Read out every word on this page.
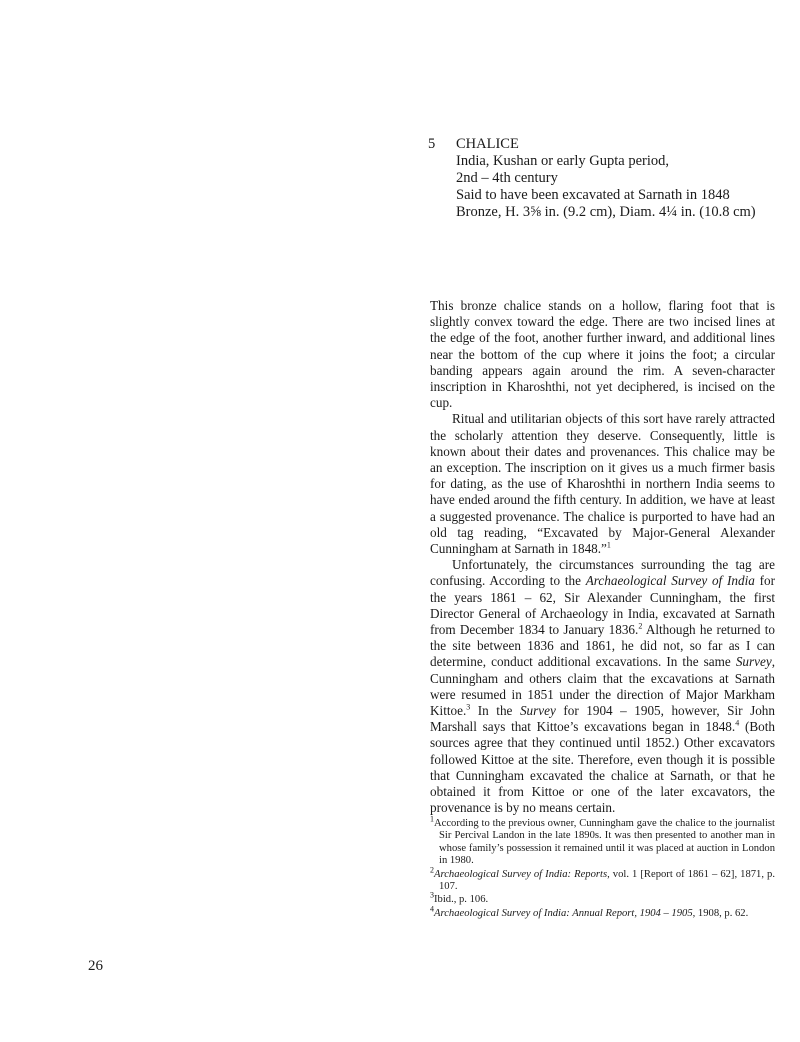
5 CHALICE
India, Kushan or early Gupta period,
2nd – 4th century
Said to have been excavated at Sarnath in 1848
Bronze, H. 3⅝ in. (9.2 cm), Diam. 4¼ in. (10.8 cm)

This bronze chalice stands on a hollow, flaring foot that is slightly convex toward the edge. There are two incised lines at the edge of the foot, another further inward, and additional lines near the bottom of the cup where it joins the foot; a circular banding appears again around the rim. A seven-character inscription in Kharoshthi, not yet deciphered, is incised on the cup.

Ritual and utilitarian objects of this sort have rarely attracted the scholarly attention they deserve. Consequently, little is known about their dates and provenances. This chalice may be an exception. The inscription on it gives us a much firmer basis for dating, as the use of Kharoshthi in northern India seems to have ended around the fifth century. In addition, we have at least a suggested provenance. The chalice is purported to have had an old tag reading, “Excavated by Major-General Alexander Cunningham at Sarnath in 1848.”$^1$

Unfortunately, the circumstances surrounding the tag are confusing. According to the Archaeological Survey of India for the years 1861 – 62, Sir Alexander Cunningham, the first Director General of Archaeology in India, excavated at Sarnath from December 1834 to January 1836.$^2$ Although he returned to the site between 1836 and 1861, he did not, so far as I can determine, conduct additional excavations. In the same Survey, Cunningham and others claim that the excavations at Sarnath were resumed in 1851 under the direction of Major Markham Kittoe.$^3$ In the Survey for 1904 – 1905, however, Sir John Marshall says that Kittoe’s excavations began in 1848.$^4$ (Both sources agree that they continued until 1852.) Other excavators followed Kittoe at the site. Therefore, even though it is possible that Cunningham excavated the chalice at Sarnath, or that he obtained it from Kittoe or one of the later excavators, the provenance is by no means certain.

$^1$According to the previous owner, Cunningham gave the chalice to the journalist Sir Percival Landon in the late 1890s. It was then presented to another man in whose family’s possession it remained until it was placed at auction in London in 1980.

$^2$Archaeological Survey of India: Reports, vol. 1 [Report of 1861 – 62], 1871, p. 107.

$^3$Ibid., p. 106.

$^4$Archaeological Survey of India: Annual Report, 1904 – 1905, 1908, p. 62.

26
